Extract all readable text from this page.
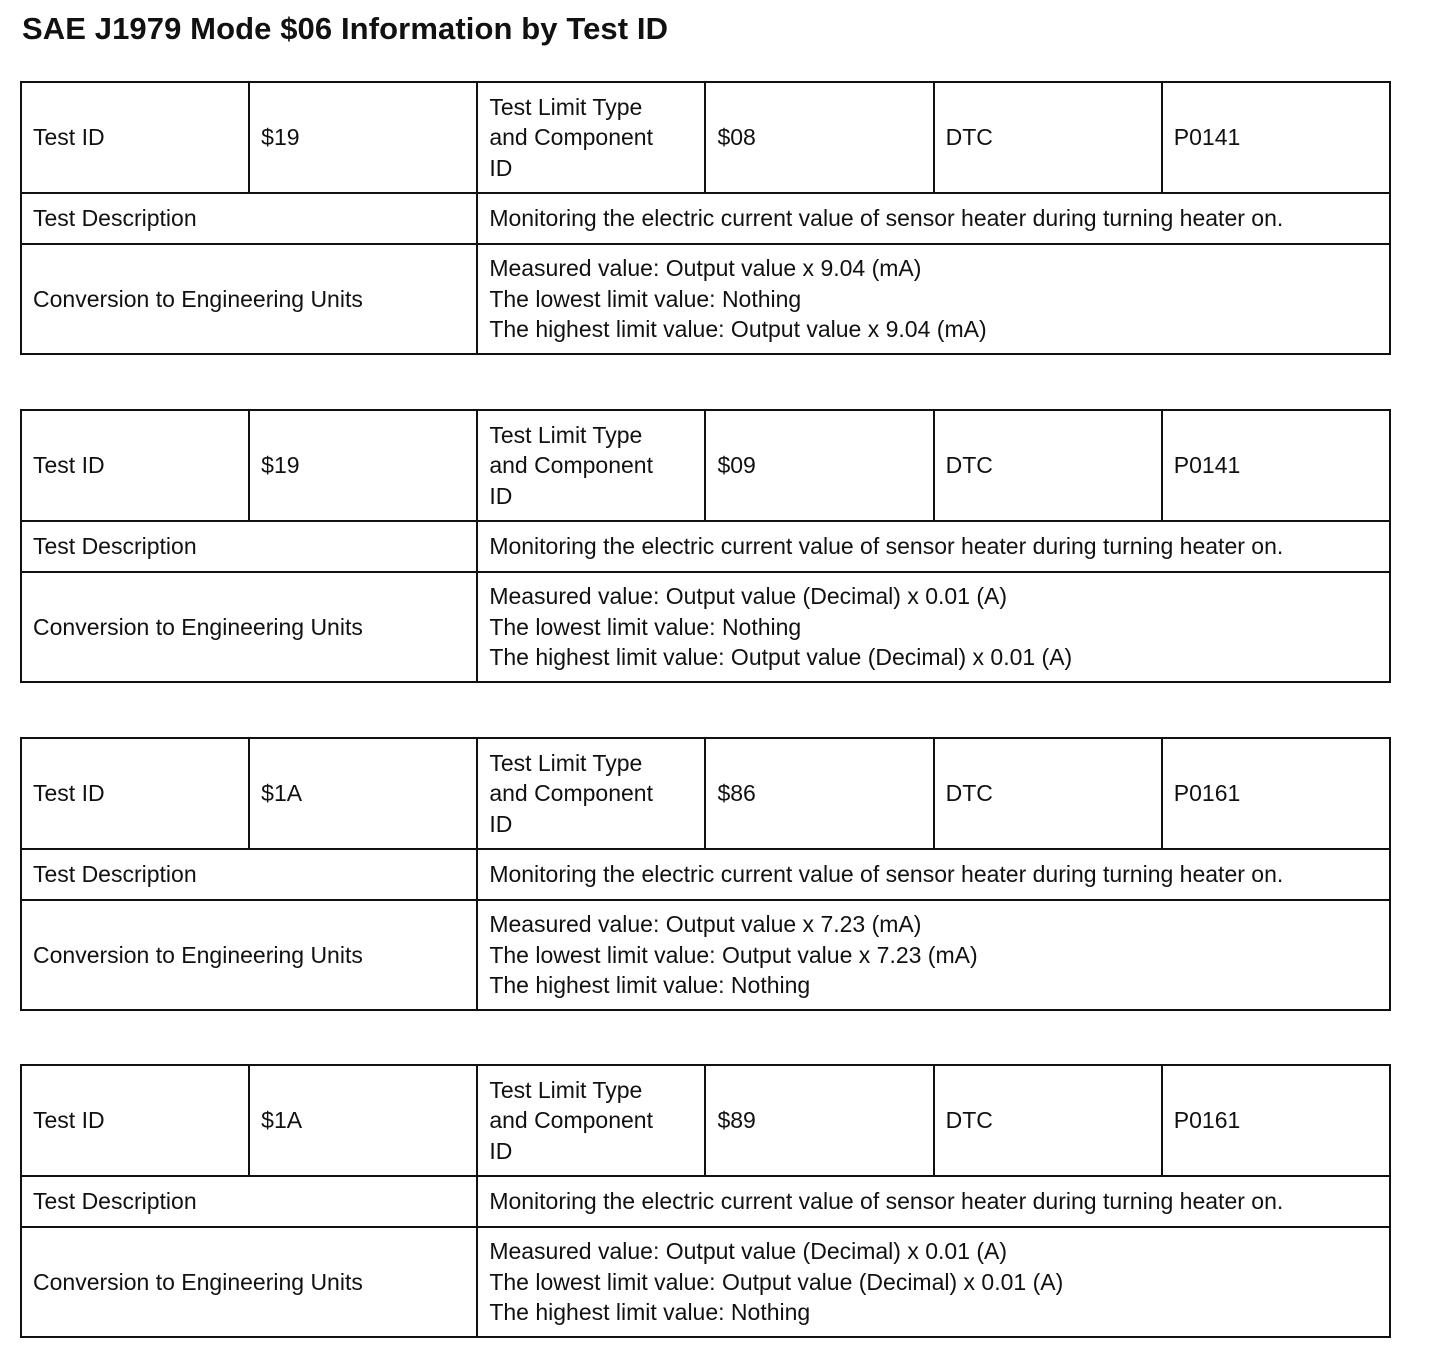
SAE J1979 Mode $06 Information by Test ID
Test ID	$19	Test Limit Type
and Component
ID	$08	DTC	P0141
Test Description		Monitoring the electric current value of sensor heater during turning heater on.			
Conversion to Engineering Units		Measured value: Output value x 9.04 (mA)
The lowest limit value: Nothing
The highest limit value: Output value x 9.04 (mA)			
Test ID	$19	Test Limit Type
and Component
ID	$09	DTC	P0141
Test Description		Monitoring the electric current value of sensor heater during turning heater on.			
Conversion to Engineering Units		Measured value: Output value (Decimal) x 0.01 (A)
The lowest limit value: Nothing
The highest limit value: Output value (Decimal) x 0.01 (A)			
Test ID	$1A	Test Limit Type
and Component
ID	$86	DTC	P0161
Test Description		Monitoring the electric current value of sensor heater during turning heater on.			
Conversion to Engineering Units		Measured value: Output value x 7.23 (mA)
The lowest limit value: Output value x 7.23 (mA)
The highest limit value: Nothing			
Test ID	$1A	Test Limit Type
and Component
ID	$89	DTC	P0161
Test Description		Monitoring the electric current value of sensor heater during turning heater on.			
Conversion to Engineering Units		Measured value: Output value (Decimal) x 0.01 (A)
The lowest limit value: Output value (Decimal) x 0.01 (A)
The highest limit value: Nothing			
